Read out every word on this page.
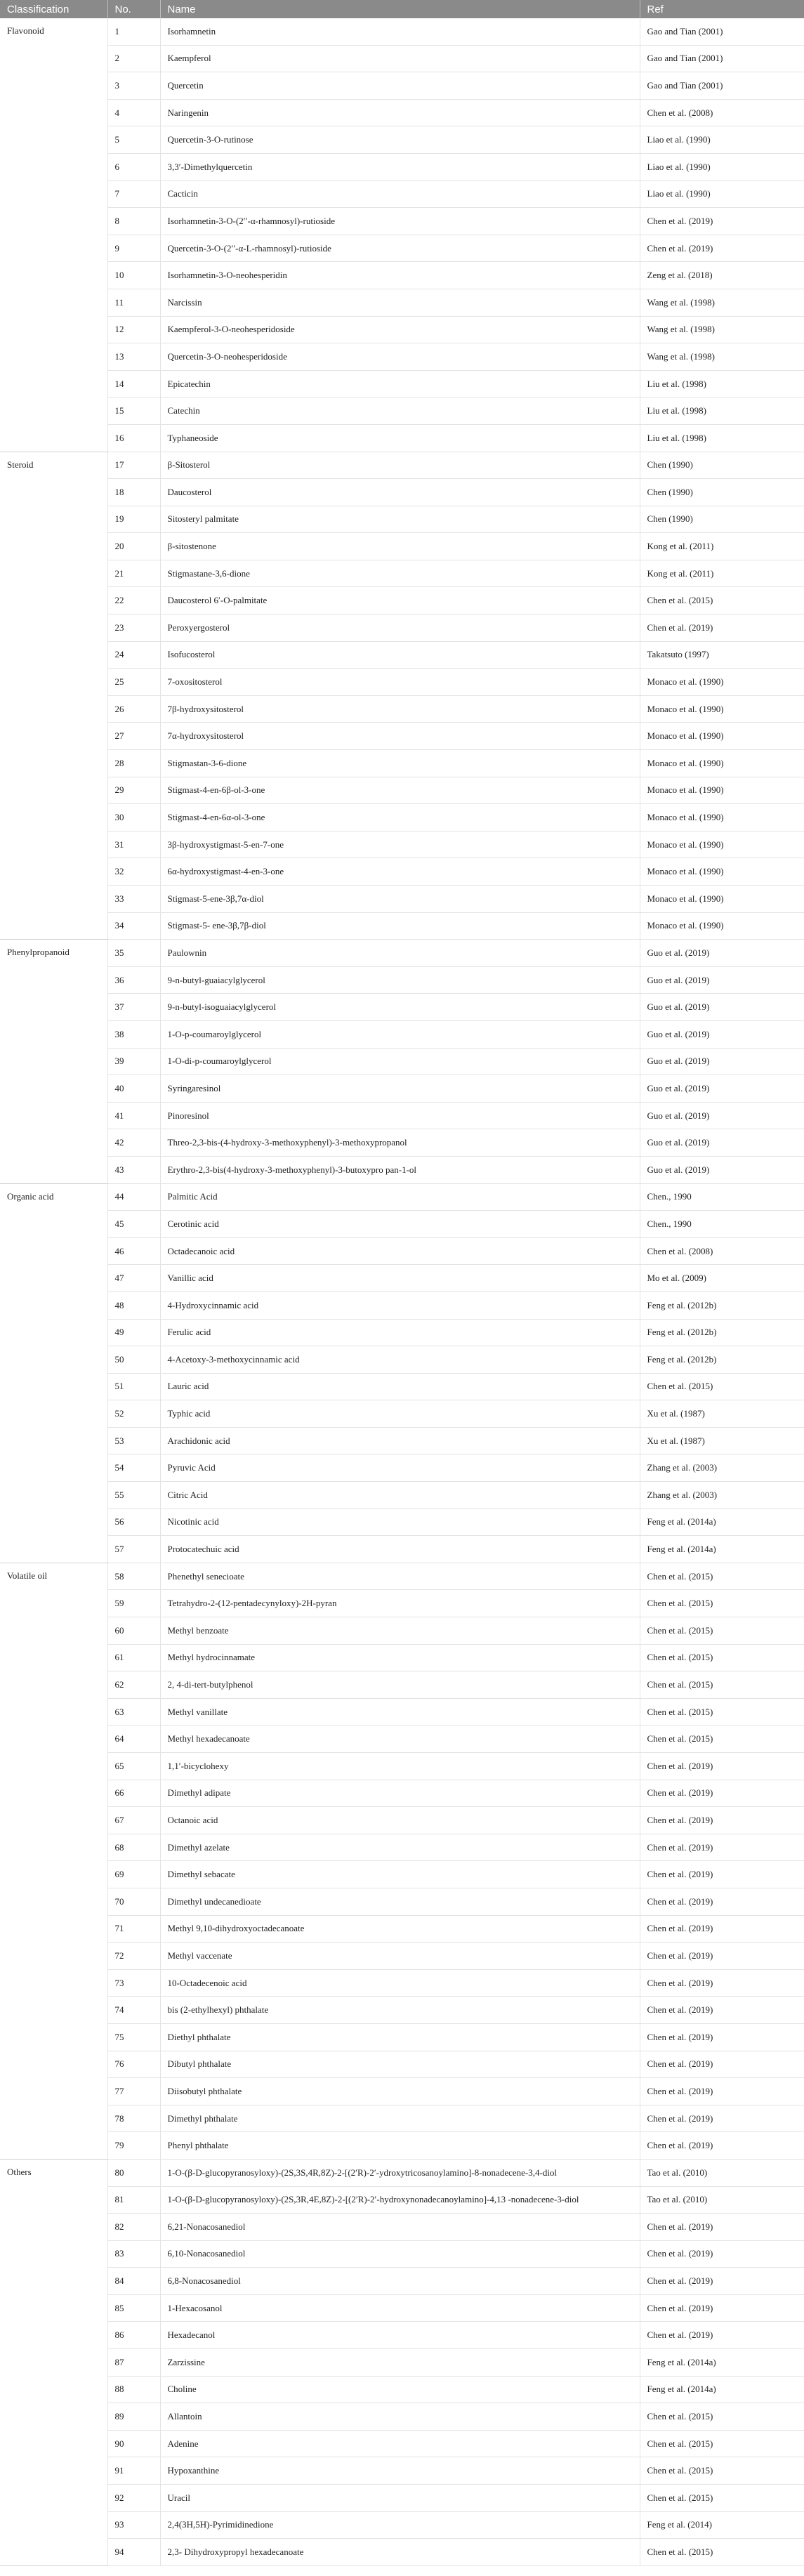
Classification	No.	Name	Ref
Flavonoid	1	Isorhamnetin	Gao and Tian (2001)
	2	Kaempferol	Gao and Tian (2001)
	3	Quercetin	Gao and Tian (2001)
	4	Naringenin	Chen et al. (2008)
	5	Quercetin-3-O-rutinose	Liao et al. (1990)
	6	3,3′-Dimethylquercetin	Liao et al. (1990)
	7	Cacticin	Liao et al. (1990)
	8	Isorhamnetin-3-O-(2′′-α-rhamnosyl)-rutioside	Chen et al. (2019)
	9	Quercetin-3-O-(2′′-α-L-rhamnosyl)-rutioside	Chen et al. (2019)
	10	Isorhamnetin-3-O-neohesperidin	Zeng et al. (2018)
	11	Narcissin	Wang et al. (1998)
	12	Kaempferol-3-O-neohesperidoside	Wang et al. (1998)
	13	Quercetin-3-O-neohesperidoside	Wang et al. (1998)
	14	Epicatechin	Liu et al. (1998)
	15	Catechin	Liu et al. (1998)
	16	Typhaneoside	Liu et al. (1998)
Steroid	17	β-Sitosterol	Chen (1990)
	18	Daucosterol	Chen (1990)
	19	Sitosteryl palmitate	Chen (1990)
	20	β-sitostenone	Kong et al. (2011)
	21	Stigmastane-3,6-dione	Kong et al. (2011)
	22	Daucosterol 6′-O-palmitate	Chen et al. (2015)
	23	Peroxyergosterol	Chen et al. (2019)
	24	Isofucosterol	Takatsuto (1997)
	25	7-oxositosterol	Monaco et al. (1990)
	26	7β-hydroxysitosterol	Monaco et al. (1990)
	27	7α-hydroxysitosterol	Monaco et al. (1990)
	28	Stigmastan-3-6-dione	Monaco et al. (1990)
	29	Stigmast-4-en-6β-ol-3-one	Monaco et al. (1990)
	30	Stigmast-4-en-6α-ol-3-one	Monaco et al. (1990)
	31	3β-hydroxystigmast-5-en-7-one	Monaco et al. (1990)
	32	6α-hydroxystigmast-4-en-3-one	Monaco et al. (1990)
	33	Stigmast-5-ene-3β,7α-diol	Monaco et al. (1990)
	34	Stigmast-5- ene-3β,7β-diol	Monaco et al. (1990)
Phenylpropanoid	35	Paulownin	Guo et al. (2019)
	36	9-n-butyl-guaiacylglycerol	Guo et al. (2019)
	37	9-n-butyl-isoguaiacylglycerol	Guo et al. (2019)
	38	1-O-p-coumaroylglycerol	Guo et al. (2019)
	39	1-O-di-p-coumaroylglycerol	Guo et al. (2019)
	40	Syringaresinol	Guo et al. (2019)
	41	Pinoresinol	Guo et al. (2019)
	42	Threo-2,3-bis-(4-hydroxy-3-methoxyphenyl)-3-methoxypropanol	Guo et al. (2019)
	43	Erythro-2,3-bis(4-hydroxy-3-methoxyphenyl)-3-butoxypro pan-1-ol	Guo et al. (2019)
Organic acid	44	Palmitic Acid	Chen., 1990
	45	Cerotinic acid	Chen., 1990
	46	Octadecanoic acid	Chen et al. (2008)
	47	Vanillic acid	Mo et al. (2009)
	48	4-Hydroxycinnamic acid	Feng et al. (2012b)
	49	Ferulic acid	Feng et al. (2012b)
	50	4-Acetoxy-3-methoxycinnamic acid	Feng et al. (2012b)
	51	Lauric acid	Chen et al. (2015)
	52	Typhic acid	Xu et al. (1987)
	53	Arachidonic acid	Xu et al. (1987)
	54	Pyruvic Acid	Zhang et al. (2003)
	55	Citric Acid	Zhang et al. (2003)
	56	Nicotinic acid	Feng et al. (2014a)
	57	Protocatechuic acid	Feng et al. (2014a)
Volatile oil	58	Phenethyl senecioate	Chen et al. (2015)
	59	Tetrahydro-2-(12-pentadecynyloxy)-2H-pyran	Chen et al. (2015)
	60	Methyl benzoate	Chen et al. (2015)
	61	Methyl hydrocinnamate	Chen et al. (2015)
	62	2, 4-di-tert-butylphenol	Chen et al. (2015)
	63	Methyl vanillate	Chen et al. (2015)
	64	Methyl hexadecanoate	Chen et al. (2015)
	65	1,1′-bicyclohexy	Chen et al. (2019)
	66	Dimethyl adipate	Chen et al. (2019)
	67	Octanoic acid	Chen et al. (2019)
	68	Dimethyl azelate	Chen et al. (2019)
	69	Dimethyl sebacate	Chen et al. (2019)
	70	Dimethyl undecanedioate	Chen et al. (2019)
	71	Methyl 9,10-dihydroxyoctadecanoate	Chen et al. (2019)
	72	Methyl vaccenate	Chen et al. (2019)
	73	10-Octadecenoic acid	Chen et al. (2019)
	74	bis (2-ethylhexyl) phthalate	Chen et al. (2019)
	75	Diethyl phthalate	Chen et al. (2019)
	76	Dibutyl phthalate	Chen et al. (2019)
	77	Diisobutyl phthalate	Chen et al. (2019)
	78	Dimethyl phthalate	Chen et al. (2019)
	79	Phenyl phthalate	Chen et al. (2019)
Others	80	1-O-(β-D-glucopyranosyloxy)-(2S,3S,4R,8Z)-2-[(2′R)-2′-ydroxytricosanoylamino]-8-nonadecene-3,4-diol	Tao et al. (2010)
	81	1-O-(β-D-glucopyranosyloxy)-(2S,3R,4E,8Z)-2-[(2′R)-2′-hydroxynonadecanoylamino]-4,13 -nonadecene-3-diol	Tao et al. (2010)
	82	6,21-Nonacosanediol	Chen et al. (2019)
	83	6,10-Nonacosanediol	Chen et al. (2019)
	84	6,8-Nonacosanediol	Chen et al. (2019)
	85	1-Hexacosanol	Chen et al. (2019)
	86	Hexadecanol	Chen et al. (2019)
	87	Zarzissine	Feng et al. (2014a)
	88	Choline	Feng et al. (2014a)
	89	Allantoin	Chen et al. (2015)
	90	Adenine	Chen et al. (2015)
	91	Hypoxanthine	Chen et al. (2015)
	92	Uracil	Chen et al. (2015)
	93	2,4(3H,5H)-Pyrimidinedione	Feng et al. (2014)
	94	2,3- Dihydroxypropyl hexadecanoate	Chen et al. (2015)
